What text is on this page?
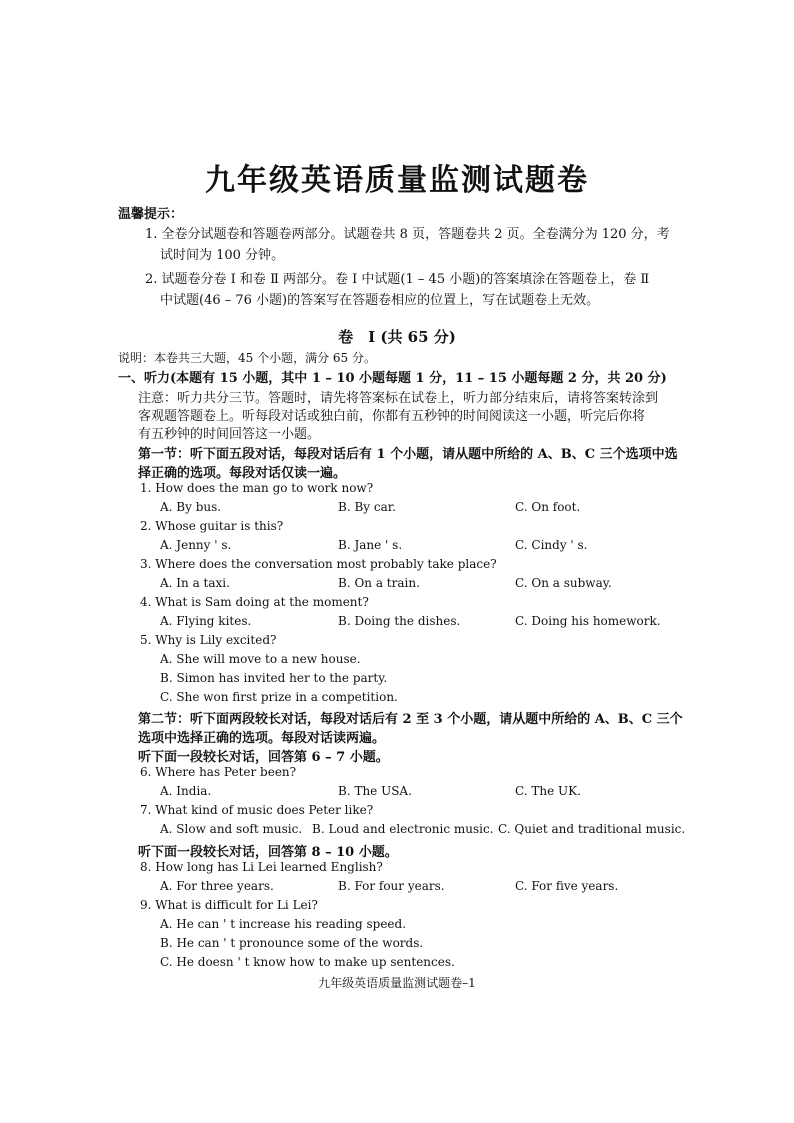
九年级英语质量监测试题卷
温馨提示：
1. 全卷分试题卷和答题卷两部分。试题卷共 8 页，答题卷共 2 页。全卷满分为 120 分，考
试时间为 100 分钟。
2. 试题卷分卷 Ⅰ 和卷 Ⅱ 两部分。卷 Ⅰ 中试题(1 – 45 小题)的答案填涂在答题卷上，卷 Ⅱ
中试题(46 – 76 小题)的答案写在答题卷相应的位置上，写在试题卷上无效。
卷　Ⅰ (共 65 分)
说明：本卷共三大题，45 个小题，满分 65 分。
一、听力(本题有 15 小题，其中 1 – 10 小题每题 1 分，11 – 15 小题每题 2 分，共 20 分)
注意：听力共分三节。答题时，请先将答案标在试卷上，听力部分结束后，请将答案转涂到
客观题答题卷上。听每段对话或独白前，你都有五秒钟的时间阅读这一小题，听完后你将
有五秒钟的时间回答这一小题。
第一节：听下面五段对话，每段对话后有 1 个小题，请从题中所给的 A、B、C 三个选项中选
择正确的选项。每段对话仅读一遍。
1. How does the man go to work now?
A. By bus.	B. By car.	C. On foot.
2. Whose guitar is this?
A. Jenny ' s.	B. Jane ' s.	C. Cindy ' s.
3. Where does the conversation most probably take place?
A. In a taxi.	B. On a train.	C. On a subway.
4. What is Sam doing at the moment?
A. Flying kites.	B. Doing the dishes.	C. Doing his homework.
5. Why is Lily excited?
A. She will move to a new house.
B. Simon has invited her to the party.
C. She won first prize in a competition.
第二节：听下面两段较长对话，每段对话后有 2 至 3 个小题，请从题中所给的 A、B、C 三个
选项中选择正确的选项。每段对话读两遍。
听下面一段较长对话，回答第 6 – 7 小题。
6. Where has Peter been?
A. India.	B. The USA.	C. The UK.
7. What kind of music does Peter like?
A. Slow and soft music. B. Loud and electronic music. C. Quiet and traditional music.
听下面一段较长对话，回答第 8 – 10 小题。
8. How long has Li Lei learned English?
A. For three years.	B. For four years.	C. For five years.
9. What is difficult for Li Lei?
A. He can ' t increase his reading speed.
B. He can ' t pronounce some of the words.
C. He doesn ' t know how to make up sentences.
九年级英语质量监测试题卷–1
